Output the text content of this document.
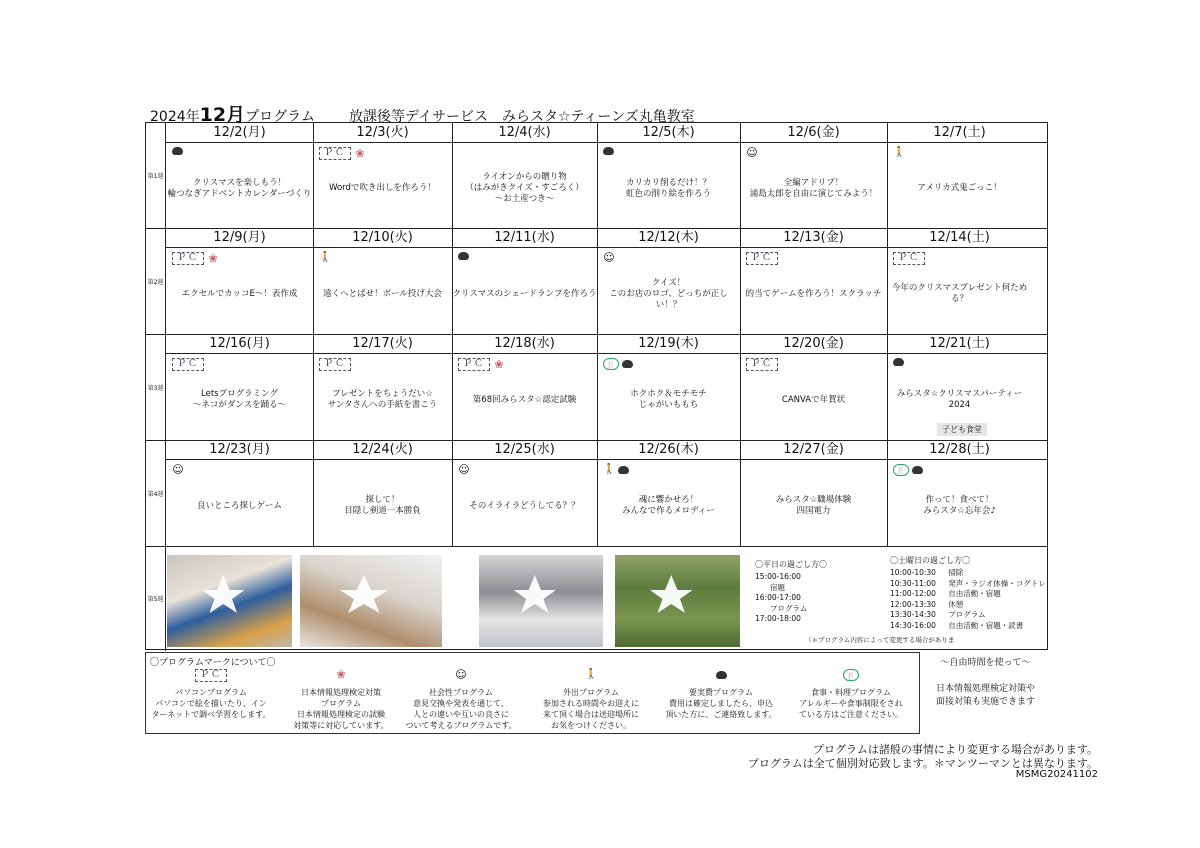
2024年12月プログラム 放課後等デイサービス　みらスタ☆ティーンズ丸亀教室
第1週
12/2(月)
クリスマスを楽しもう！
輪つなぎアドベントカレンダーづくり
12/3(火)
ＰＣ ❀
Wordで吹き出しを作ろう！
12/4(水)
ライオンからの贈り物
（はみがきクイズ・すごろく）
～お土産つき～
12/5(木)
カリカリ削るだけ！？
虹色の削り絵を作ろう
12/6(金)
☺
全編アドリブ！
浦島太郎を自由に演じてみよう！
12/7(土)
🚶
アメリカ式鬼ごっこ！
第2週
12/9(月)
ＰＣ ❀
エクセルでカッコE～！表作成
12/10(火)
🚶
遠くへとばせ！ボール投げ大会
12/11(水)
クリスマスのシェードランプを作ろう
12/12(木)
☺
クイズ！
このお店のロゴ、どっちが正しい！？
12/13(金)
ＰＣ
的当てゲームを作ろう！スクラッチ
12/14(土)
ＰＣ
今年のクリスマスプレゼント何ためる？
第3週
12/16(月)
ＰＣ
Letsプログラミング
～ネコがダンスを踊る～
12/17(火)
ＰＣ
プレゼントをちょうだい☆
サンタさんへの手紙を書こう
12/18(水)
ＰＣ ❀
第68回みらスタ☆認定試験
12/19(木)
🍴
ホクホク＆モチモチ
じゃがいももち
12/20(金)
ＰＣ
CANVAで年賀状
12/21(土)
みらスタ☆クリスマスパーティー
2024
子ども食堂
第4週
12/23(月)
☺
良いところ探しゲーム
12/24(火)
探して！
目隠し剣道一本勝負
12/25(水)
☺
そのイライラどうしてる？？
12/26(木)
🚶
魂に響かせろ！
みんなで作るメロディー
12/27(金)
みらスタ☆職場体験
四国電力
12/28(土)
🍴
作って！食べて！
みらスタ☆忘年会♪
第5週
〇プログラムマークについて〇
ＰＣ
パソコンプログラム
パソコンで絵を描いたり、イン
ターネットで調べ学習をします。
❀
日本情報処理検定対策
プログラム
日本情報処理検定の試験
対策等に対応しています。
☺
社会性プログラム
意見交換や発表を通じて、
人との違いや互いの良さに
ついて考えるプログラムです。
🚶
外出プログラム
参加される時間やお迎えに
来て頂く場合は送迎場所に
お気をつけください。
要実費プログラム
費用は確定しましたら、申込
頂いた方に、ご連絡致します。
🍴
食事・料理プログラム
アレルギーや食事制限をされ
ている方はご注意ください。
～自由時間を使って～

日本情報処理検定対策や
面接対策も実施できます
プログラムは諸般の事情により変更する場合があります。
プログラムは全て個別対応致します。＊マンツーマンとは異なります。
MSMG20241102
〇平日の過ごし方〇
15:00-16:00
　　宿題
16:00-17:00
　　プログラム
17:00-18:00
〇土曜日の過ごし方〇
10:00-10:30　  掃除
10:30-11:00　  発声・ラジオ体操・コグトレ
11:00-12:00　  自由活動・宿題
12:00-13:30　  休憩
13:30-14:30　  プログラム
14:30-16:00　  自由活動・宿題・読書
（＊プログラム内容によって変更する場合がありま
